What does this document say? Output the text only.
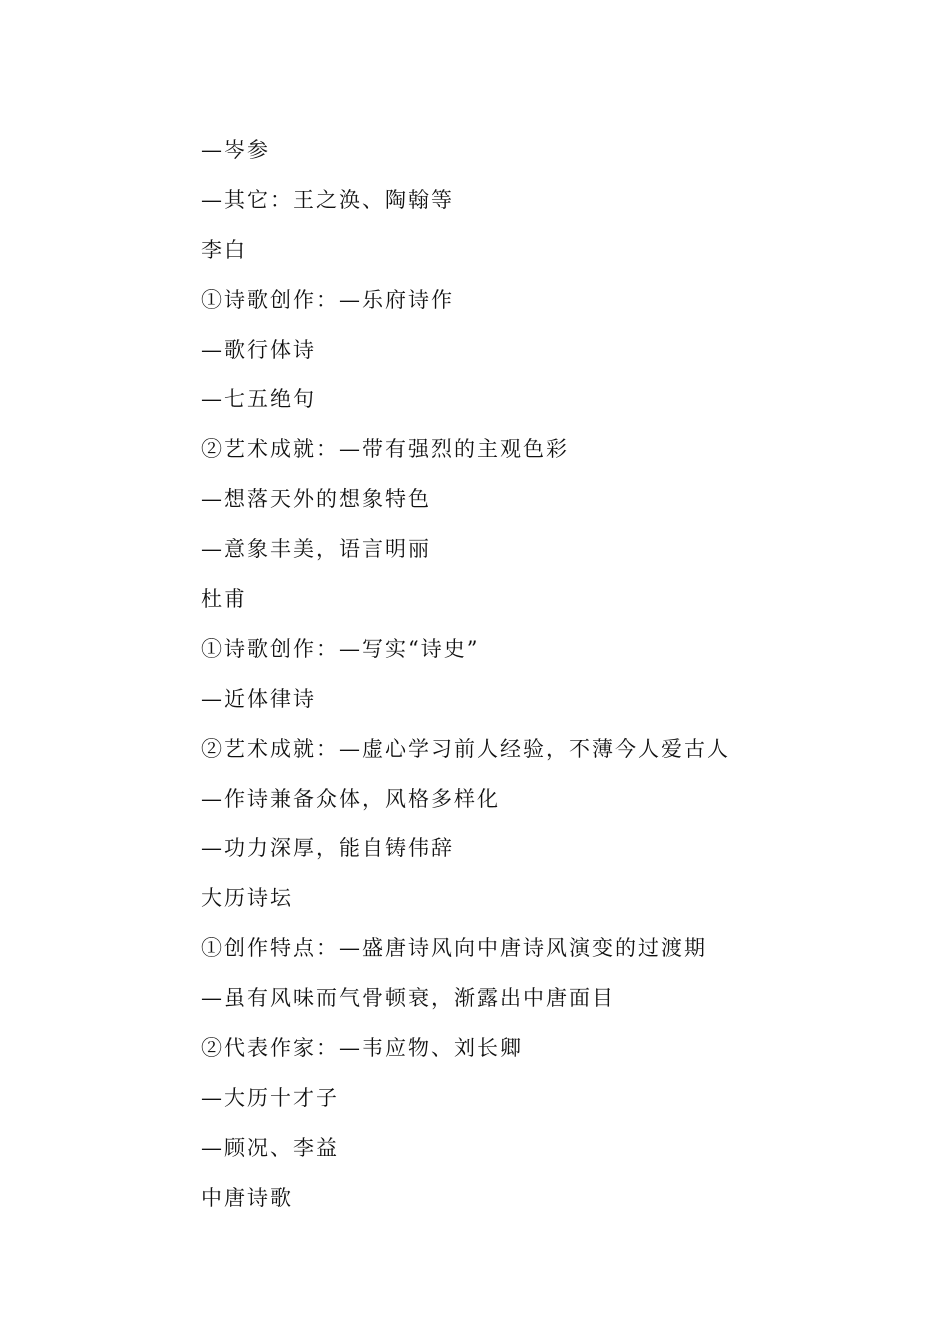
—岑参
—其它：王之涣、陶翰等
李白
①诗歌创作：—乐府诗作
—歌行体诗
—七五绝句
②艺术成就：—带有强烈的主观色彩
—想落天外的想象特色
—意象丰美，语言明丽
杜甫
①诗歌创作：—写实“诗史”
—近体律诗
②艺术成就：—虚心学习前人经验，不薄今人爱古人
—作诗兼备众体，风格多样化
—功力深厚，能自铸伟辞
大历诗坛
①创作特点：—盛唐诗风向中唐诗风演变的过渡期
—虽有风味而气骨顿衰，渐露出中唐面目
②代表作家：—韦应物、刘长卿
—大历十才子
—顾况、李益
中唐诗歌
